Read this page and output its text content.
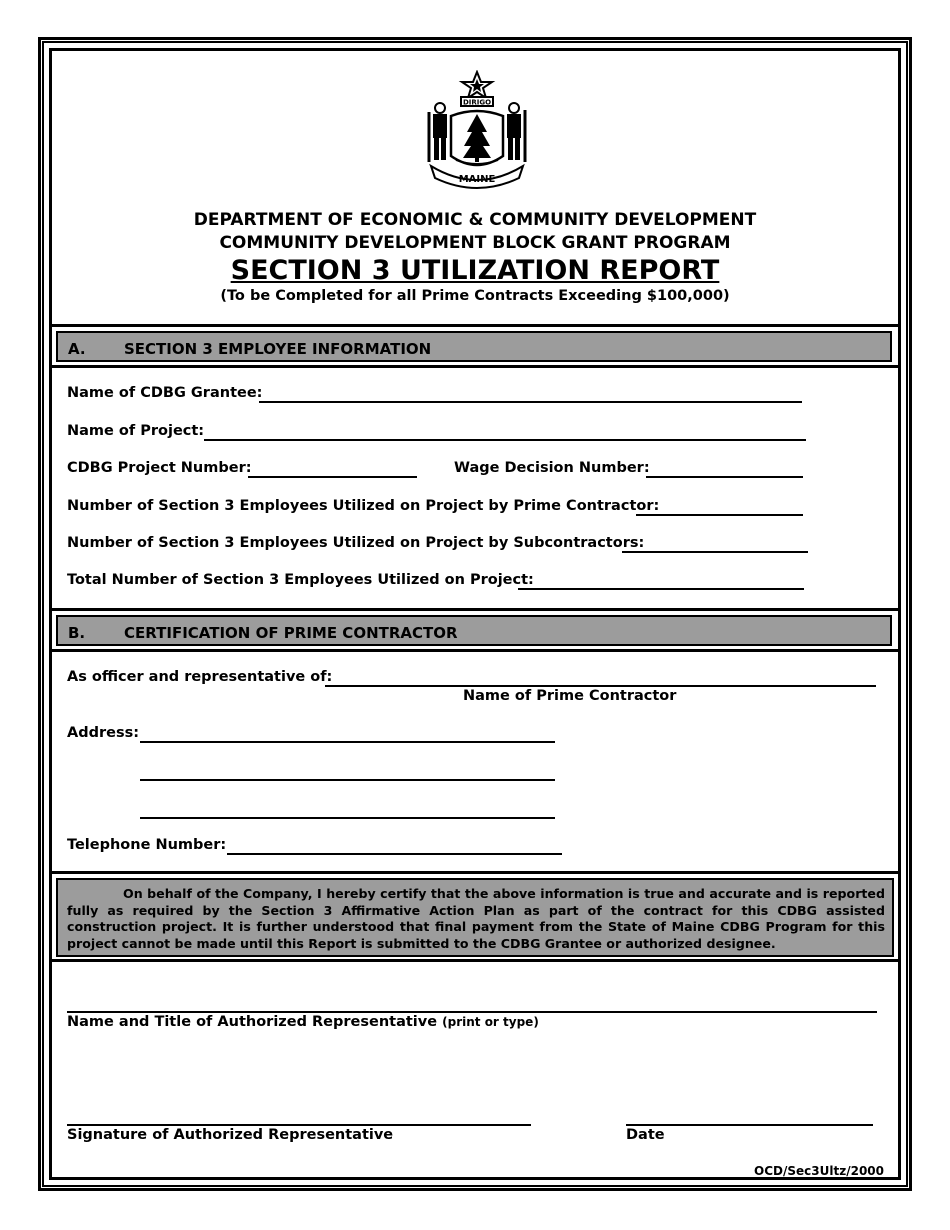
DIRIGO
MAINE
DEPARTMENT OF ECONOMIC & COMMUNITY DEVELOPMENT
COMMUNITY DEVELOPMENT BLOCK GRANT PROGRAM
SECTION 3 UTILIZATION REPORT
(To be Completed for all Prime Contracts Exceeding $100,000)
A.	SECTION 3 EMPLOYEE INFORMATION
Name of CDBG Grantee:
Name of Project:
CDBG Project Number:	Wage Decision Number:
Number of Section 3 Employees Utilized on Project by Prime Contractor:
Number of Section 3 Employees Utilized on Project by Subcontractors:
Total Number of Section 3 Employees Utilized on Project:
B.	CERTIFICATION OF PRIME CONTRACTOR
As officer and representative of:
Name of Prime Contractor
Address:
Telephone Number:

On behalf of the Company, I hereby certify that the above information is true and accurate and is reported fully as required by the Section 3 Affirmative Action Plan as part of the contract for this CDBG assisted construction project. It is further understood that final payment from the State of Maine CDBG Program for this project cannot be made until this Report is submitted to the CDBG Grantee or authorized designee.

Name and Title of Authorized Representative (print or type)
Signature of Authorized Representative	Date
OCD/Sec3Ultz/2000
